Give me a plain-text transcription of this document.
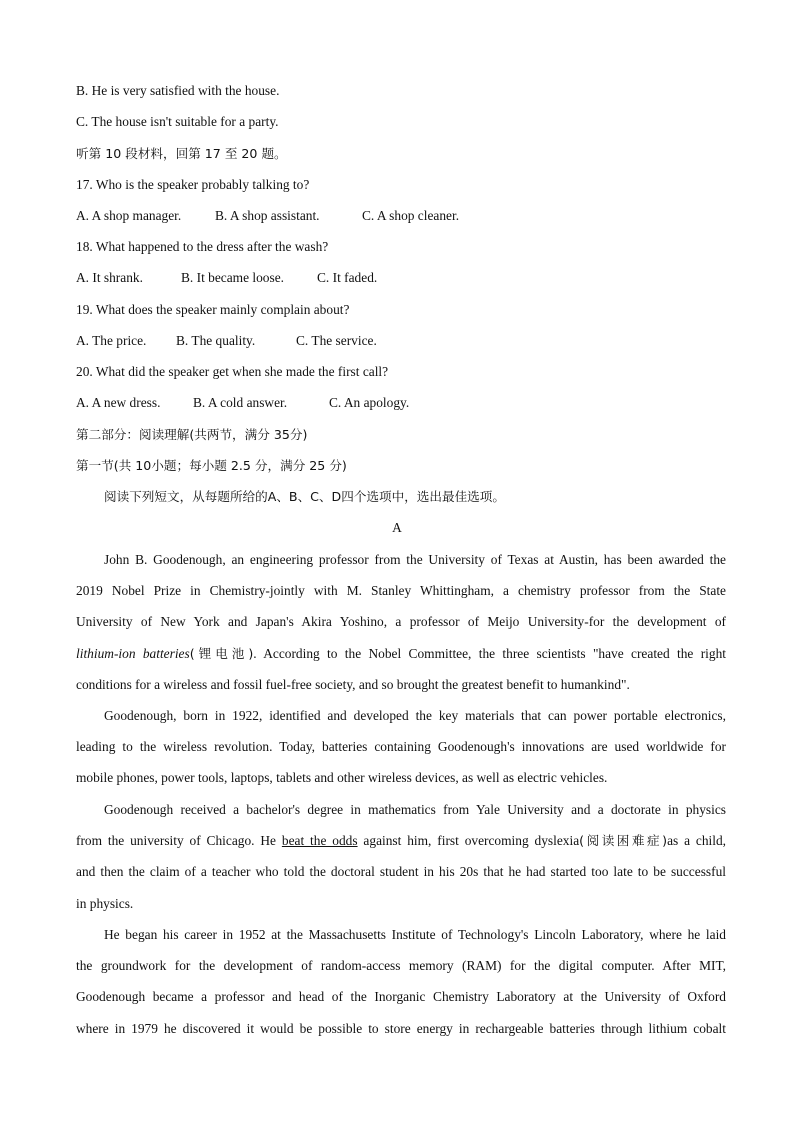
B. He is very satisfied with the house.
C. The house isn't suitable for a party.
听第 10 段材料，回第 17 至 20 题。
17. Who is the speaker probably talking to?
A. A shop manager.	B. A shop assistant.	C. A shop cleaner.
18. What happened to the dress after the wash?
A. It shrank.	B. It became loose. C. It faded.
19. What does the speaker mainly complain about?
A. The price. B. The quality.	C. The service.
20. What did the speaker get when she made the first call?
A. A new dress. B. A cold answer.	C. An apology.
第二部分：阅读理解(共两节，满分 35分)
第一节(共 10小题；每小题 2.5 分，满分 25 分)
阅读下列短文，从每题所给的A、B、C、D四个选项中，选出最佳选项。
A
John B. Goodenough, an engineering professor from the University of Texas at Austin, has been awarded the
2019 Nobel Prize in Chemistry-jointly with M. Stanley Whittingham, a chemistry professor from the State
University of New York and Japan's Akira Yoshino, a professor of Meijo University-for the development of
lithium-ion batteries(锂电池). According to the Nobel Committee, the three scientists "have created the right
conditions for a wireless and fossil fuel-free society, and so brought the greatest benefit to humankind".
Goodenough, born in 1922, identified and developed the key materials that can power portable electronics,
leading to the wireless revolution. Today, batteries containing Goodenough's innovations are used worldwide for
mobile phones, power tools, laptops, tablets and other wireless devices, as well as electric vehicles.
Goodenough received a bachelor's degree in mathematics from Yale University and a doctorate in physics
from the university of Chicago. He beat the odds against him, first overcoming dyslexia(阅读困难症)as a child,
and then the claim of a teacher who told the doctoral student in his 20s that he had started too late to be successful
in physics.
He began his career in 1952 at the Massachusetts Institute of Technology's Lincoln Laboratory, where he laid
the groundwork for the development of random-access memory (RAM) for the digital computer. After MIT,
Goodenough became a professor and head of the Inorganic Chemistry Laboratory at the University of Oxford
where in 1979 he discovered it would be possible to store energy in rechargeable batteries through lithium cobalt
